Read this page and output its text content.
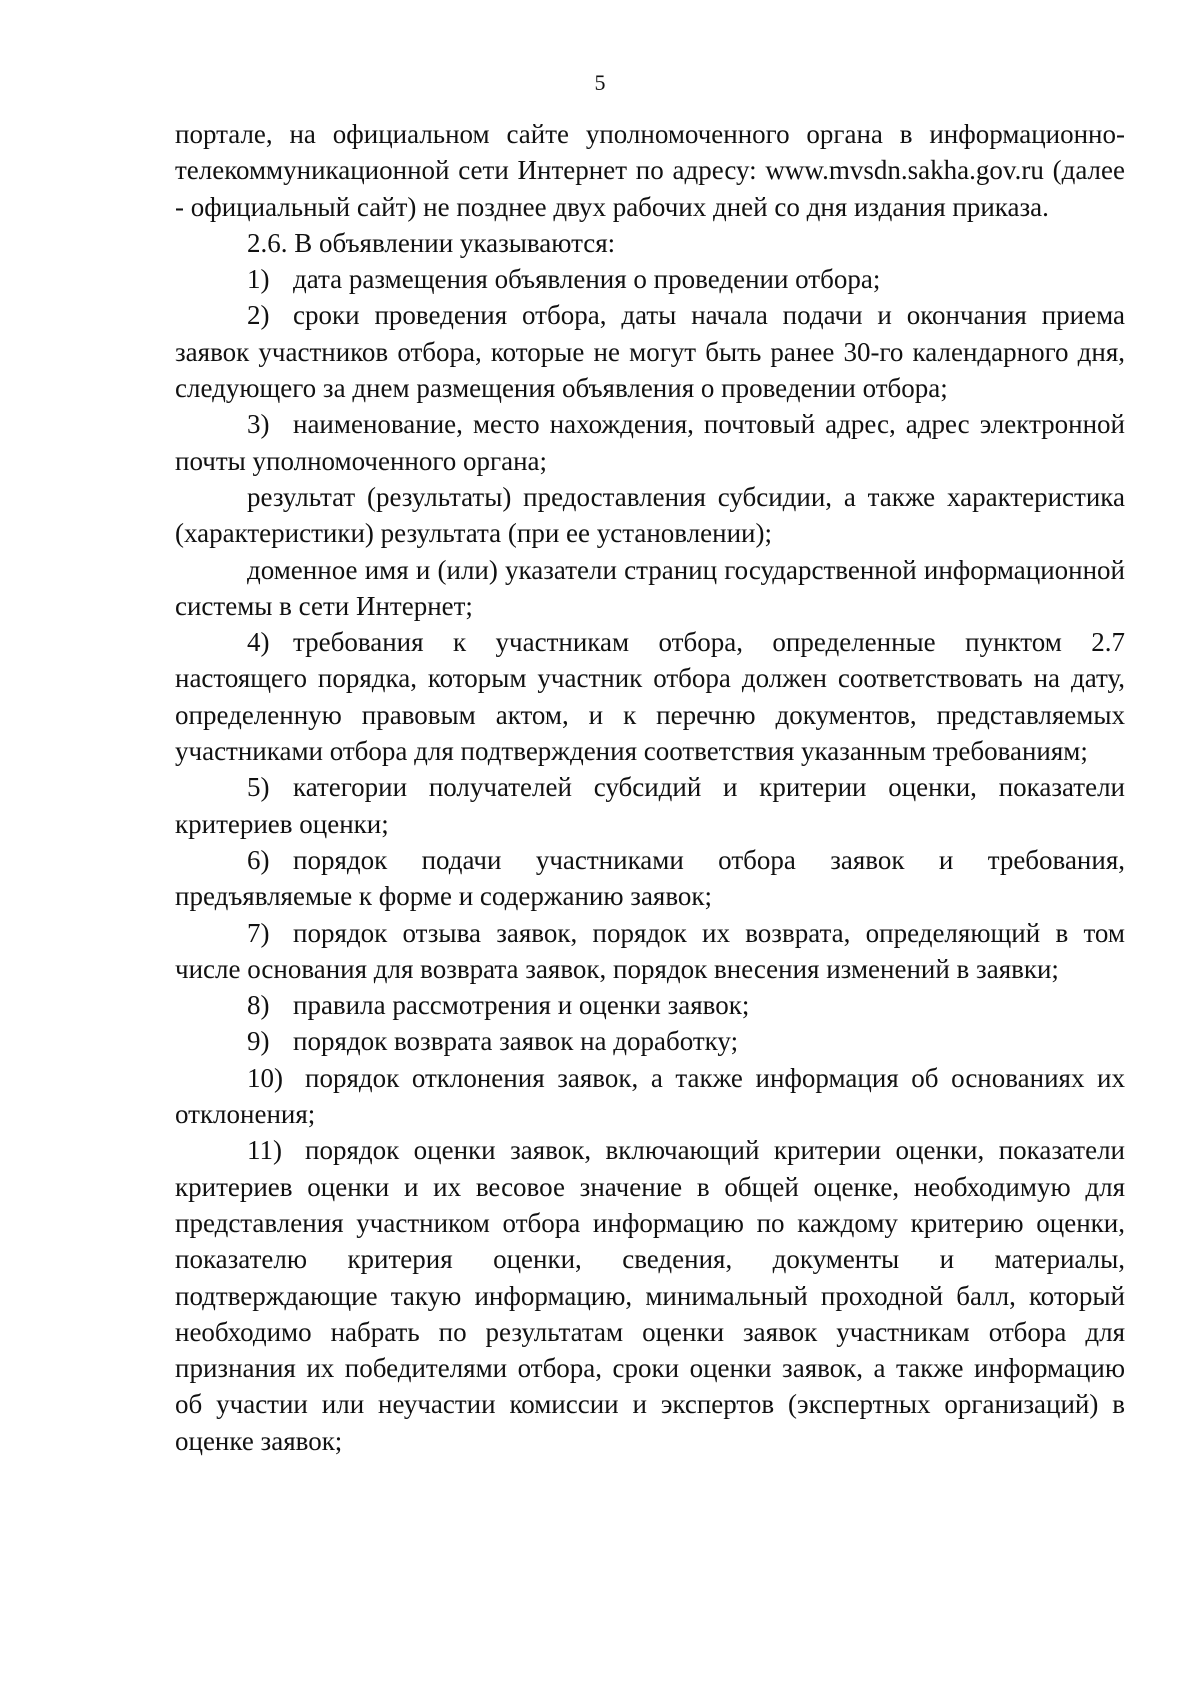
5

портале, на официальном сайте уполномоченного органа в информационно-телекоммуникационной сети Интернет по адресу: www.mvsdn.sakha.gov.ru (далее - официальный сайт) не позднее двух рабочих дней со дня издания приказа.

2.6. В объявлении указываются:

1) дата размещения объявления о проведении отбора;

2) сроки проведения отбора, даты начала подачи и окончания приема заявок участников отбора, которые не могут быть ранее 30-го календарного дня, следующего за днем размещения объявления о проведении отбора;

3) наименование, место нахождения, почтовый адрес, адрес электронной почты уполномоченного органа;

результат (результаты) предоставления субсидии, а также характеристика (характеристики) результата (при ее установлении);

доменное имя и (или) указатели страниц государственной информационной системы в сети Интернет;

4) требования к участникам отбора, определенные пунктом 2.7 настоящего порядка, которым участник отбора должен соответствовать на дату, определенную правовым актом, и к перечню документов, представляемых участниками отбора для подтверждения соответствия указанным требованиям;

5) категории получателей субсидий и критерии оценки, показатели критериев оценки;

6) порядок подачи участниками отбора заявок и требования, предъявляемые к форме и содержанию заявок;

7) порядок отзыва заявок, порядок их возврата, определяющий в том числе основания для возврата заявок, порядок внесения изменений в заявки;

8) правила рассмотрения и оценки заявок;

9) порядок возврата заявок на доработку;

10) порядок отклонения заявок, а также информация об основаниях их отклонения;

11) порядок оценки заявок, включающий критерии оценки, показатели критериев оценки и их весовое значение в общей оценке, необходимую для представления участником отбора информацию по каждому критерию оценки, показателю критерия оценки, сведения, документы и материалы, подтверждающие такую информацию, минимальный проходной балл, который необходимо набрать по результатам оценки заявок участникам отбора для признания их победителями отбора, сроки оценки заявок, а также информацию об участии или неучастии комиссии и экспертов (экспертных организаций) в оценке заявок;
